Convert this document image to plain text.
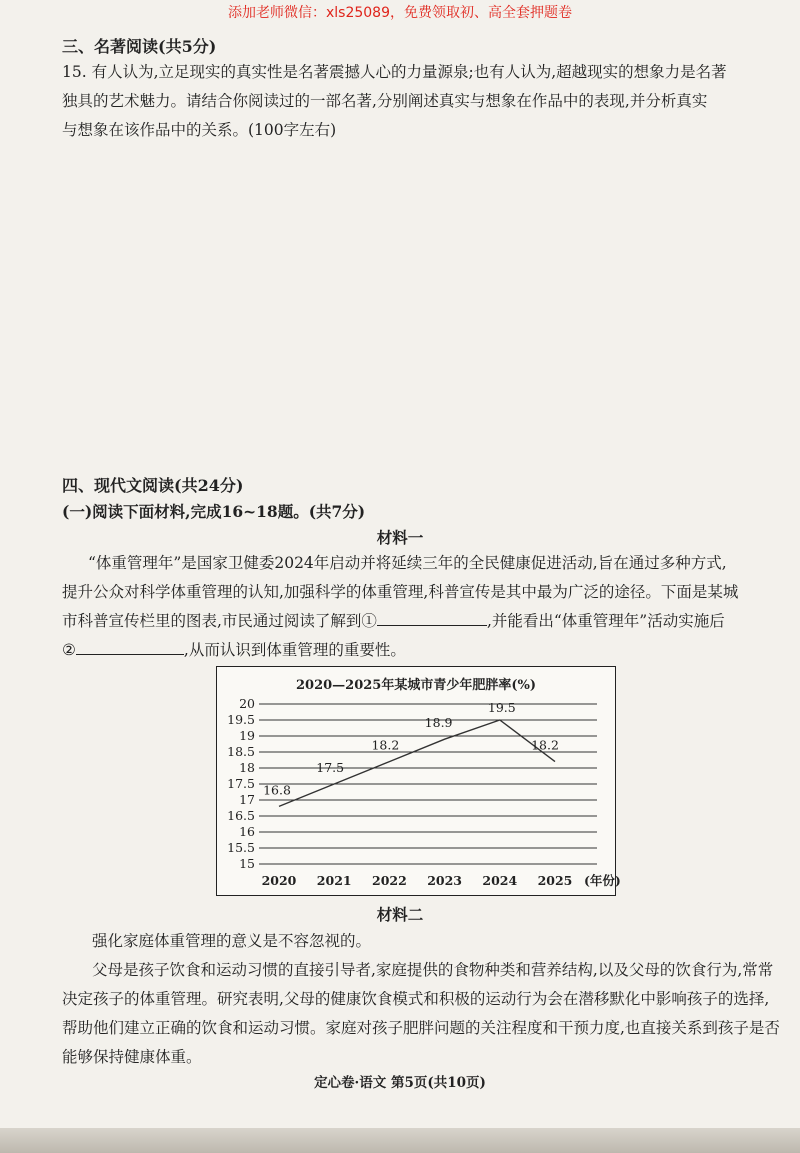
添加老师微信：xls25089，免费领取初、高全套押题卷
三、名著阅读(共5分)
15. 有人认为,立足现实的真实性是名著震撼人心的力量源泉;也有人认为,超越现实的想象力是名著
独具的艺术魅力。请结合你阅读过的一部名著,分别阐述真实与想象在作品中的表现,并分析真实
与想象在该作品中的关系。(100字左右)
四、现代文阅读(共24分)
(一)阅读下面材料,完成16~18题。(共7分)
材料一
“体重管理年”是国家卫健委2024年启动并将延续三年的全民健康促进活动,旨在通过多种方式,
提升公众对科学体重管理的认知,加强科学的体重管理,科普宣传是其中最为广泛的途径。下面是某城
市科普宣传栏里的图表,市民通过阅读了解到①	,并能看出“体重管理年”活动实施后
②	,从而认识到体重管理的重要性。
2020—2025年某城市青少年肥胖率(%)
20
19.5
19
18.5
18
17.5
17
16.5
16
15.5
15
2020 2021 2022 2023 2024 2025 (年份)
16.8
17.5
18.2
18.9
19.5
18.2
材料二

强化家庭体重管理的意义是不容忽视的。

父母是孩子饮食和运动习惯的直接引导者,家庭提供的食物种类和营养结构,以及父母的饮食行为,常常决定孩子的体重管理。研究表明,父母的健康饮食模式和积极的运动行为会在潜移默化中影响孩子的选择,帮助他们建立正确的饮食和运动习惯。家庭对孩子肥胖问题的关注程度和干预力度,也直接关系到孩子是否能够保持健康体重。

定心卷·语文 第5页(共10页)
